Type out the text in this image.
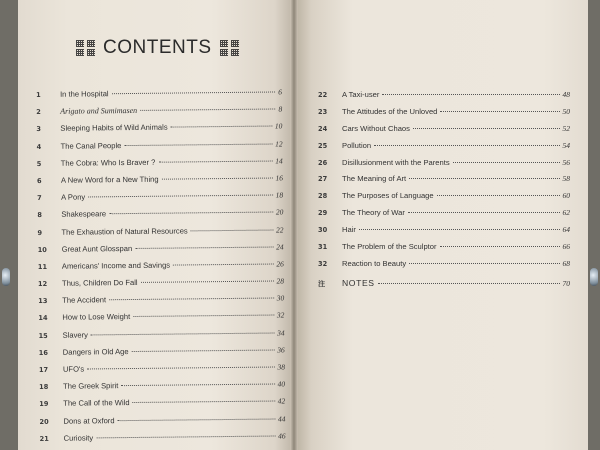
CONTENTS
1	In the Hospital	6
2	Arigato and Sumimasen	8
3	Sleeping Habits of Wild Animals	10
4	The Canal People	12
5	The Cobra: Who Is Braver ?	14
6	A New Word for a New Thing	16
7	A Pony	18
8	Shakespeare	20
9	The Exhaustion of Natural Resources	22
10	Great Aunt Glosspan	24
11	Americans' Income and Savings	26
12	Thus, Children Do Fall	28
13	The Accident	30
14	How to Lose Weight	32
15	Slavery	34
16	Dangers in Old Age	36
17	UFO's	38
18	The Greek Spirit	40
19	The Call of the Wild	42
20	Dons at Oxford	44
21	Curiosity	46
22	A Taxi-user	48
23	The Attitudes of the Unloved	50
24	Cars Without Chaos	52
25	Pollution	54
26	Disillusionment with the Parents	56
27	The Meaning of Art	58
28	The Purposes of Language	60
29	The Theory of War	62
30	Hair	64
31	The Problem of the Sculptor	66
32	Reaction to Beauty	68
注	NOTES	70
